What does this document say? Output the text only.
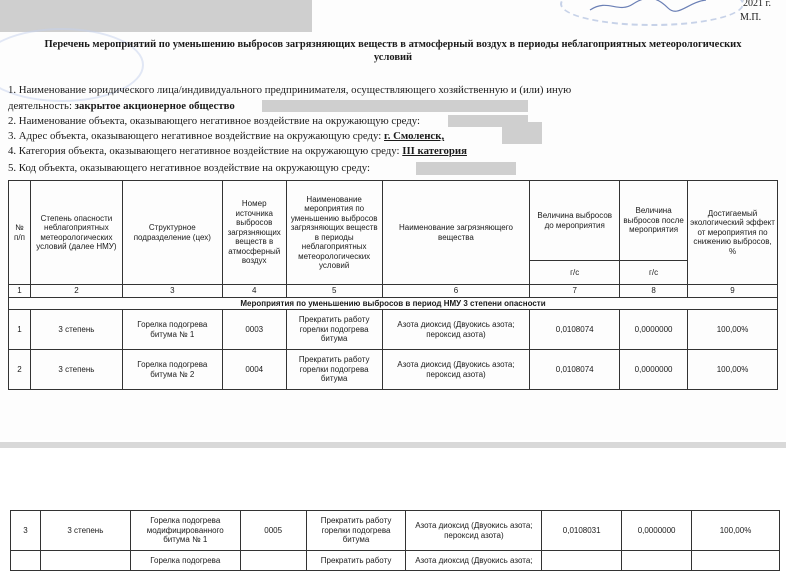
2021 г.
М.П.
Перечень мероприятий по уменьшению выбросов загрязняющих веществ в атмосферный воздух в периоды неблагоприятных метеорологических условий
1. Наименование юридического лица/индивидуального предпринимателя, осуществляющего хозяйственную и (или) иную
деятельность: закрытое акционерное общество
2. Наименование объекта, оказывающего негативное воздействие на окружающую среду:
3. Адрес объекта, оказывающего негативное воздействие на окружающую среду: г. Смоленск,
4. Категория объекта, оказывающего негативное воздействие на окружающую среду: III категория
5. Код объекта, оказывающего негативное воздействие на окружающую среду:
№ п/п	Степень опасности неблагоприятных метеорологических условий (далее НМУ)	Структурное подразделение (цех)	Номер источника выбросов загрязняющих веществ в атмосферный воздух	Наименование мероприятия по уменьшению выбросов загрязняющих веществ в периоды неблагоприятных метеорологических условий	Наименование загрязняющего вещества	Величина выбросов до мероприятия	Величина выбросов после мероприятия	Достигаемый экологический эффект от мероприятия по снижению выбросов, %
						г/с	г/с	
1	2	3	4	5	6	7	8	9
Мероприятия по уменьшению выбросов в период НМУ 3 степени опасности								
1	3 степень	Горелка подогрева битума № 1	0003	Прекратить работу горелки подогрева битума	Азота диоксид (Двуокись азота; пероксид азота)	0,0108074	0,0000000	100,00%
2	3 степень	Горелка подогрева битума № 2	0004	Прекратить работу горелки подогрева битума	Азота диоксид (Двуокись азота; пероксид азота)	0,0108074	0,0000000	100,00%
3	3 степень	Горелка подогрева модифицированного битума № 1	0005	Прекратить работу горелки подогрева битума	Азота диоксид (Двуокись азота; пероксид азота)	0,0108031	0,0000000	100,00%
		Горелка подогрева		Прекратить работу	Азота диоксид (Двуокись азота;			
